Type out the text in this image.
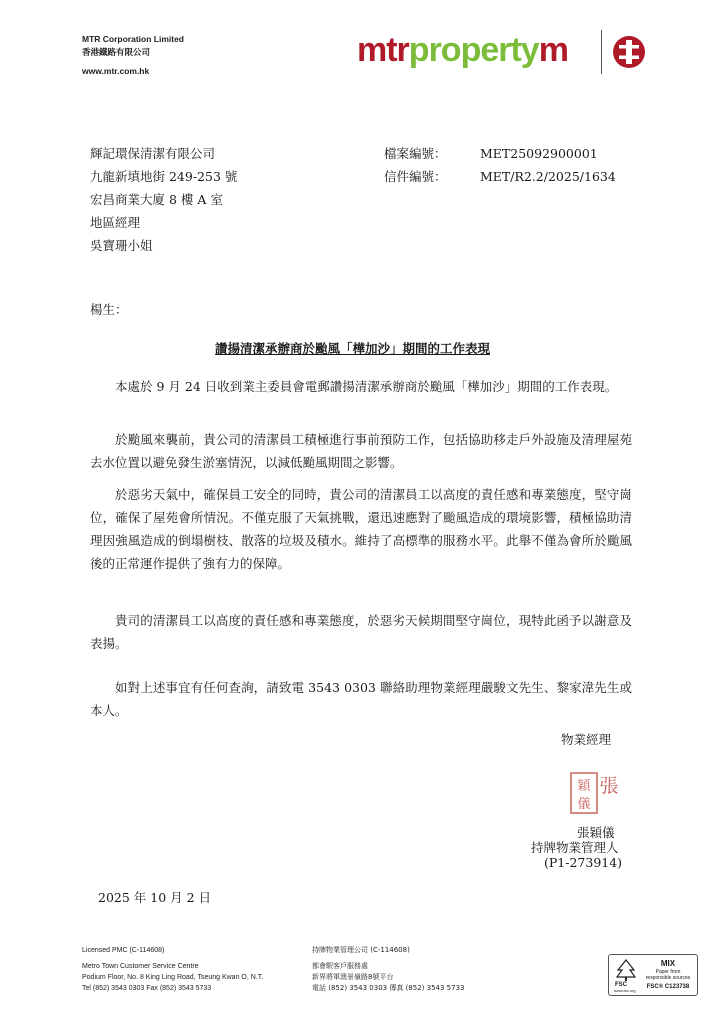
MTR Corporation Limited
香港鐵路有限公司
www.mtr.com.hk
mtrpropertym
輝記環保清潔有限公司
九龍新填地街 249-253 號
宏昌商業大廈 8 樓 A 室
地區經理
吳寶珊小姐
檔案編號：	MET25092900001
信件編號：	MET/R2.2/2025/1634
楊生：
讚揚清潔承辦商於颱風「樺加沙」期間的工作表現

本處於 9 月 24 日收到業主委員會電郵讚揚清潔承辦商於颱風「樺加沙」期間的工作表現。

於颱風來襲前，貴公司的清潔員工積極進行事前預防工作，包括協助移走戶外設施及清理屋苑去水位置以避免發生淤塞情況，以減低颱風期間之影響。

於惡劣天氣中，確保員工安全的同時，貴公司的清潔員工以高度的責任感和專業態度，堅守崗位，確保了屋苑會所情況。不僅克服了天氣挑戰，還迅速應對了颱風造成的環境影響，積極協助清理因強風造成的倒塌樹枝、散落的垃圾及積水。維持了高標準的服務水平。此舉不僅為會所於颱風後的正常運作提供了強有力的保障。

貴司的清潔員工以高度的責任感和專業態度，於惡劣天候期間堅守崗位，現特此函予以謝意及表揚。

如對上述事宜有任何查詢，請致電 3543 0303 聯絡助理物業經理嚴駿文先生、黎家湋先生或本人。

物業經理
穎
儀
張
張穎儀
持牌物業管理人
(P1-273914)
2025 年 10 月 2 日
Licensed PMC (C-114608)
Metro Town Customer Service Centre
Podium Floor, No. 8 King Ling Road, Tseung Kwan O, N.T.
Tel (852) 3543 0303 Fax (852) 3543 5733
持牌物業管理公司 (C-114608)
都會駅客戶服務處
新界將軍澳景嶺路8號平台
電話 (852) 3543 0303 傳真 (852) 3543 5733	FSC
www.fsc.org
MIX
Paper from
responsible sources
FSC® C123738
